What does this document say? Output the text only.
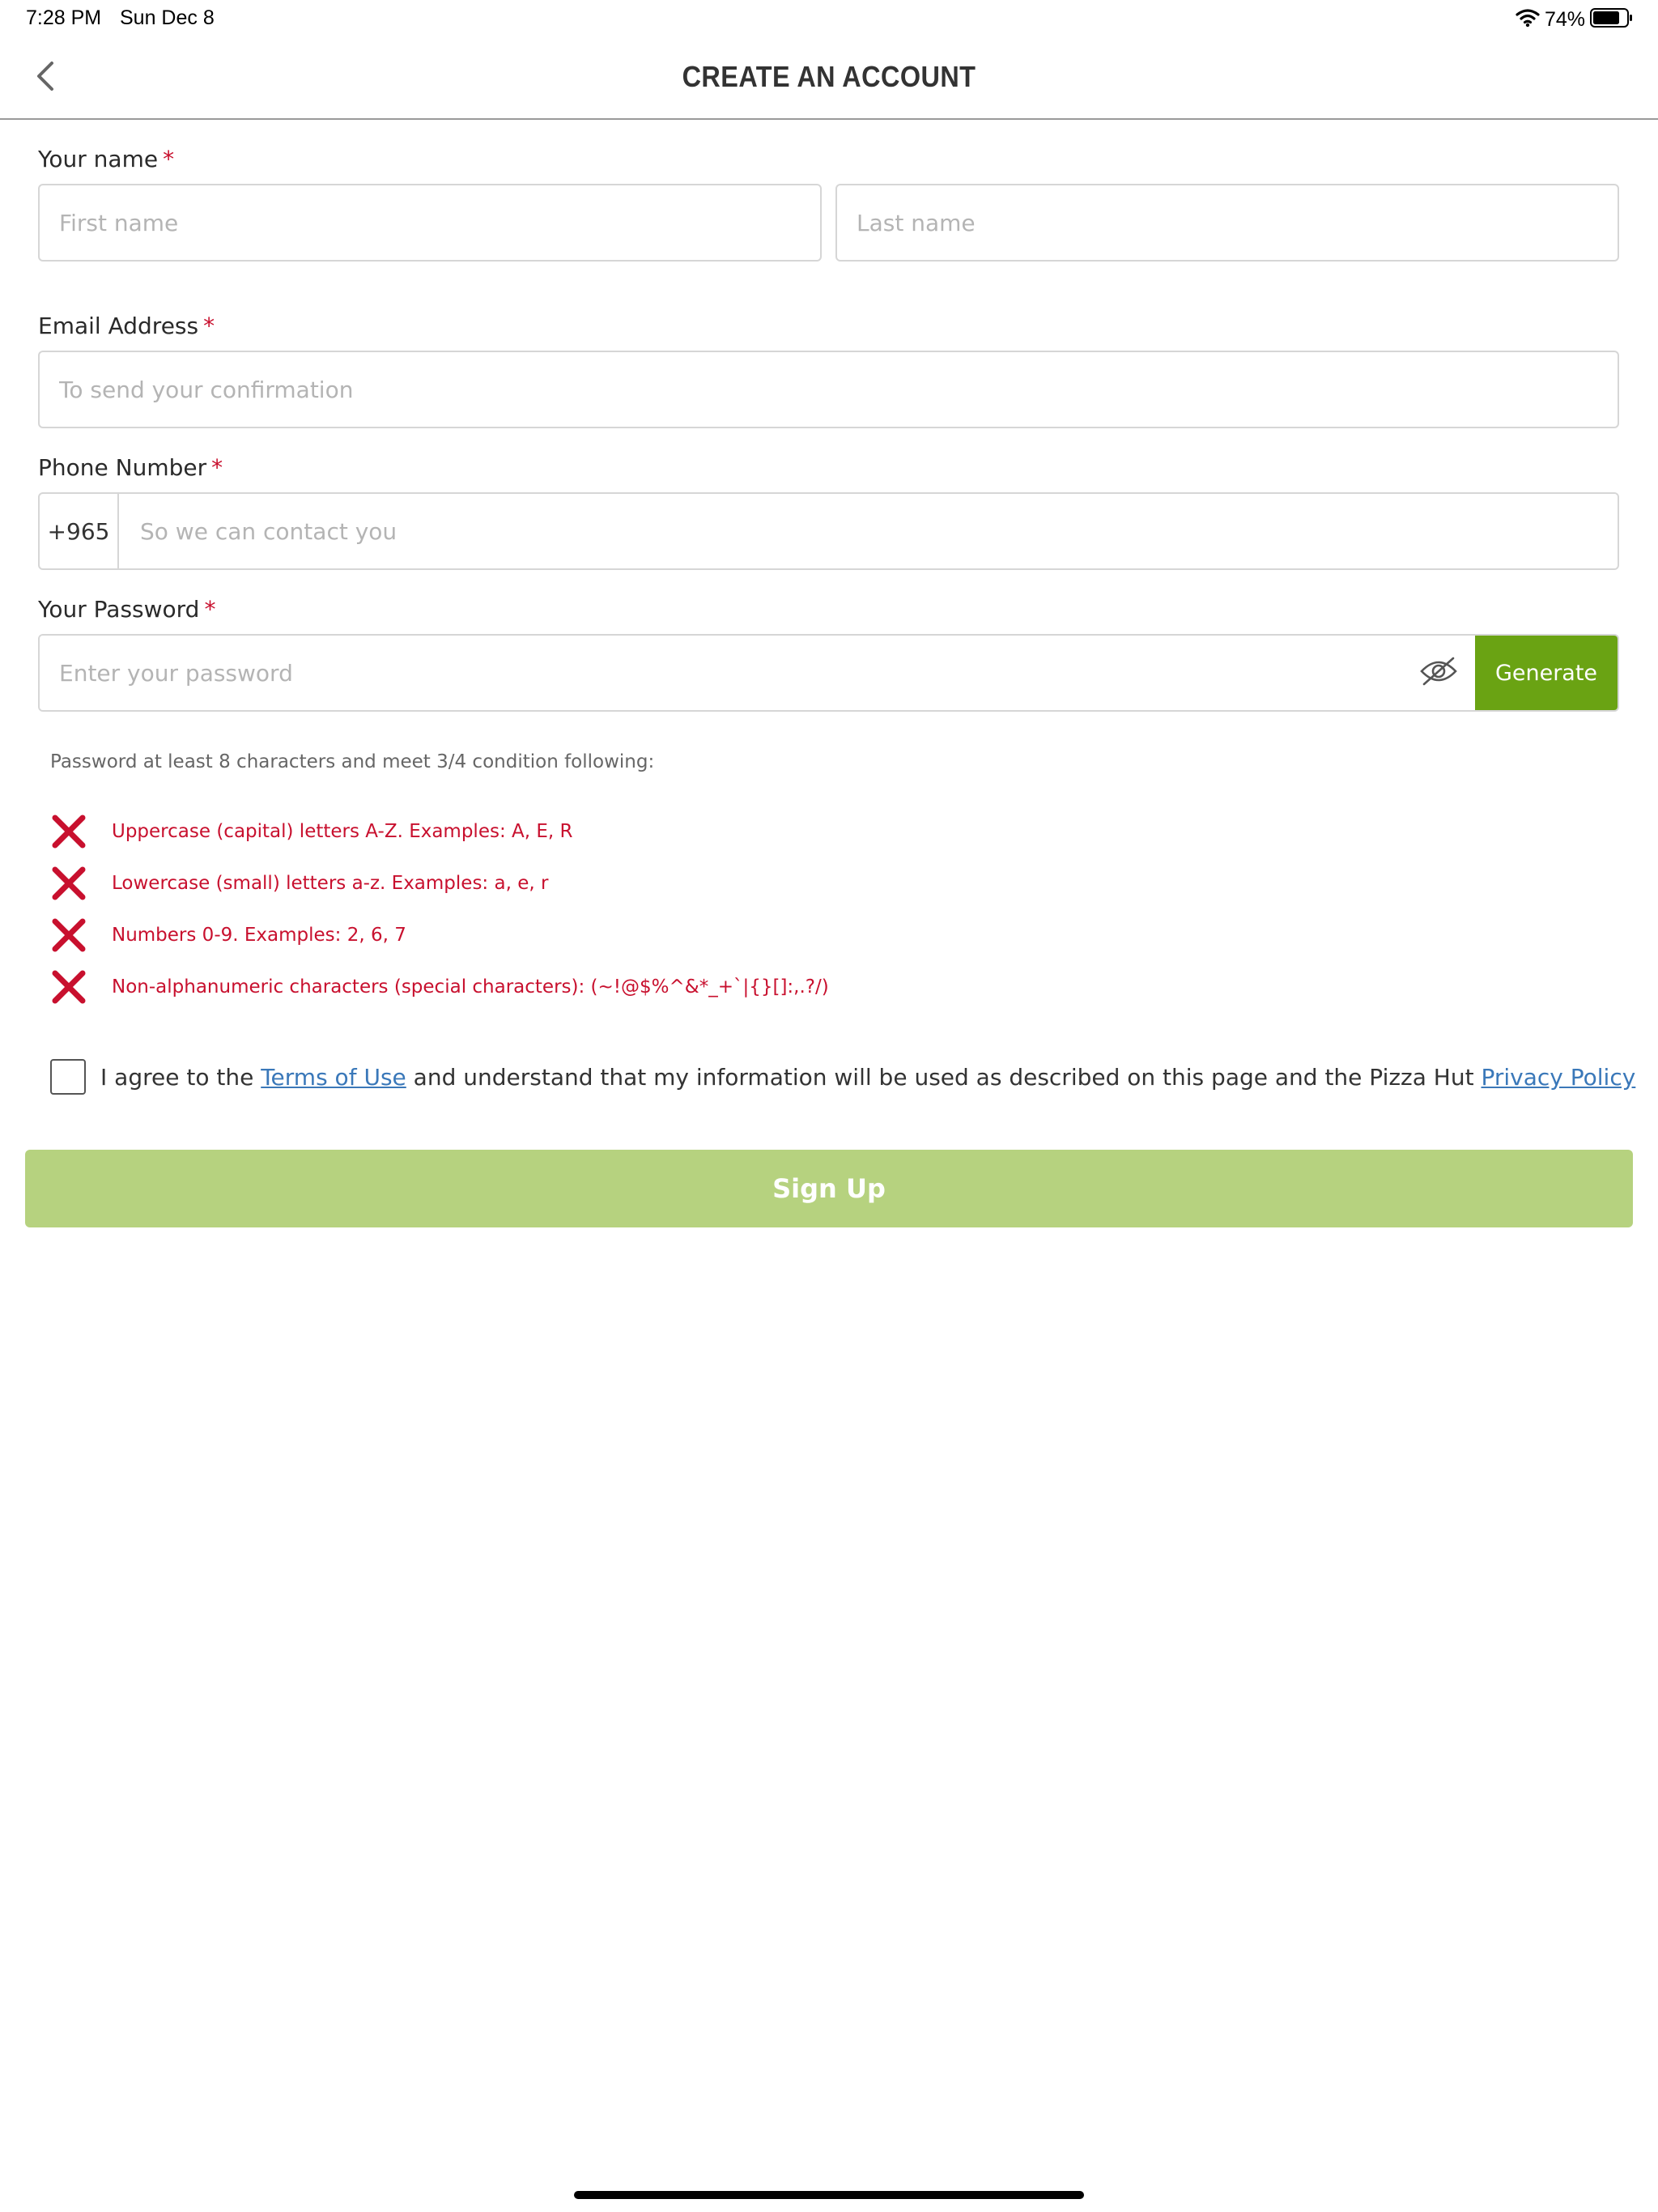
7:28 PM Sun Dec 8	74%
CREATE AN ACCOUNT
Your name *
First name
Last name
Email Address *
To send your confirmation
Phone Number *
+965
So we can contact you
Your Password *
Generate
Password at least 8 characters and meet 3/4 condition following:
Uppercase (capital) letters A-Z. Examples: A, E, R
Lowercase (small) letters a-z. Examples: a, e, r
Numbers 0-9. Examples: 2, 6, 7
Non-alphanumeric characters (special characters): (~!@$%^&*_+`|{}[]:,.?/)
I agree to the Terms of Use and understand that my information will be used as described on this page and the Pizza Hut Privacy Policy
Sign Up
